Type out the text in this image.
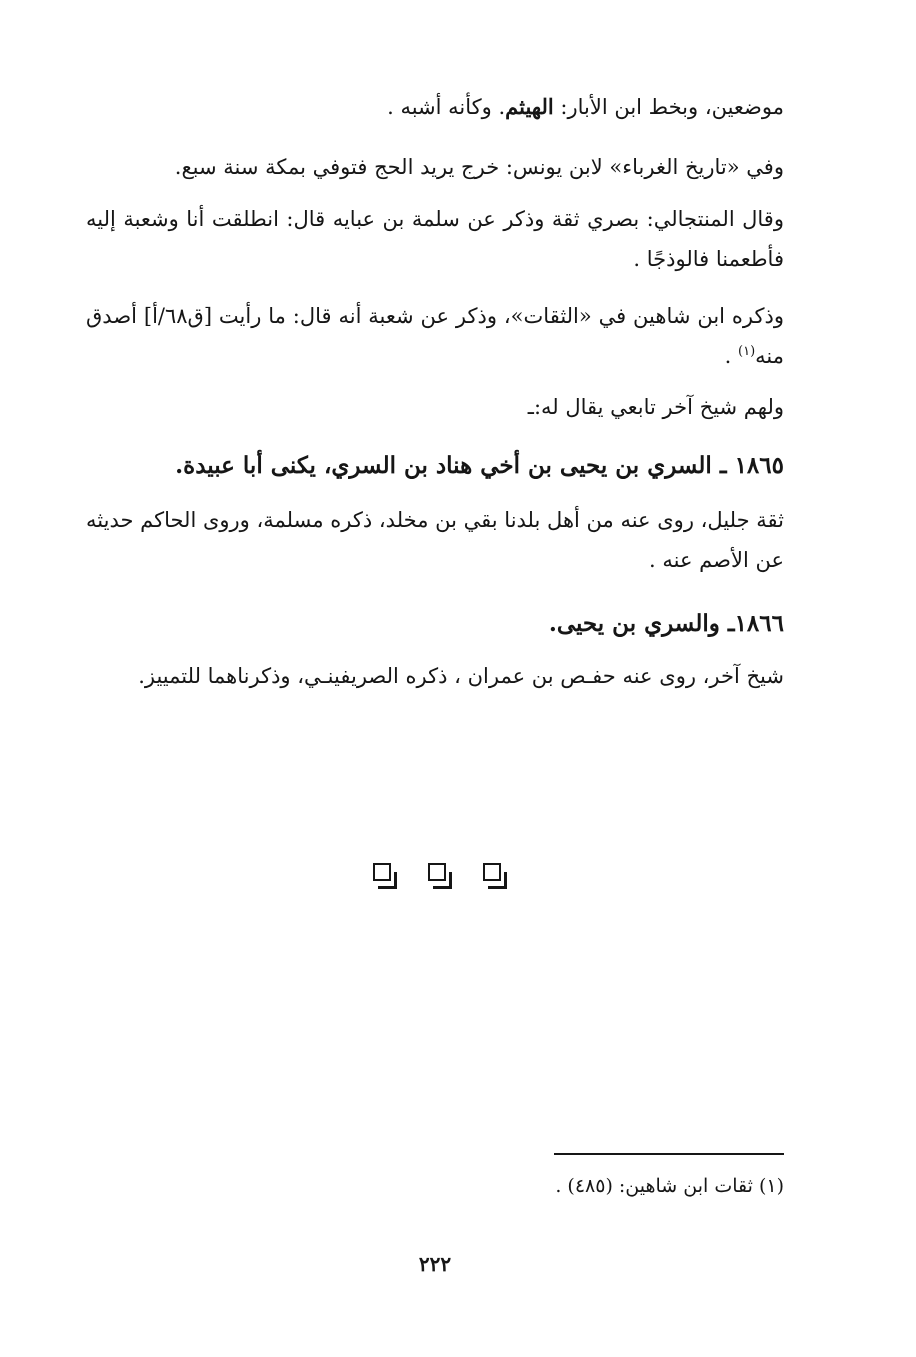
موضعين، وبخط ابن الأبار: الهيثم. وكأنه أشبه .

وفي «تاريخ الغرباء» لابن يونس: خرج يريد الحج فتوفي بمكة سنة سبع.

وقال المنتجالي: بصري ثقة وذكر عن سلمة بن عبايه قال: انطلقت أنا وشعبة إليه فأطعمنا فالوذجًا .

وذكره ابن شاهين في «الثقات»، وذكر عن شعبة أنه قال: ما رأيت [ق٦٨/أ] أصدق منه$^{(١)}$ .

ولهم شيخ آخر تابعي يقال له:ـ

١٨٦٥ ـ السري بن يحيى بن أخي هناد بن السري، يكنى أبا عبيدة.

ثقة جليل، روى عنه من أهل بلدنا بقي بن مخلد، ذكره مسلمة، وروى الحاكم حديثه عن الأصم عنه .

١٨٦٦ـ والسري بن يحيى.

شيخ آخر، روى عنه حفـص بن عمران ، ذكره الصريفينـي، وذكرناهما للتمييز.

(١) ثقات ابن شاهين: (٤٨٥) .

٢٢٢
